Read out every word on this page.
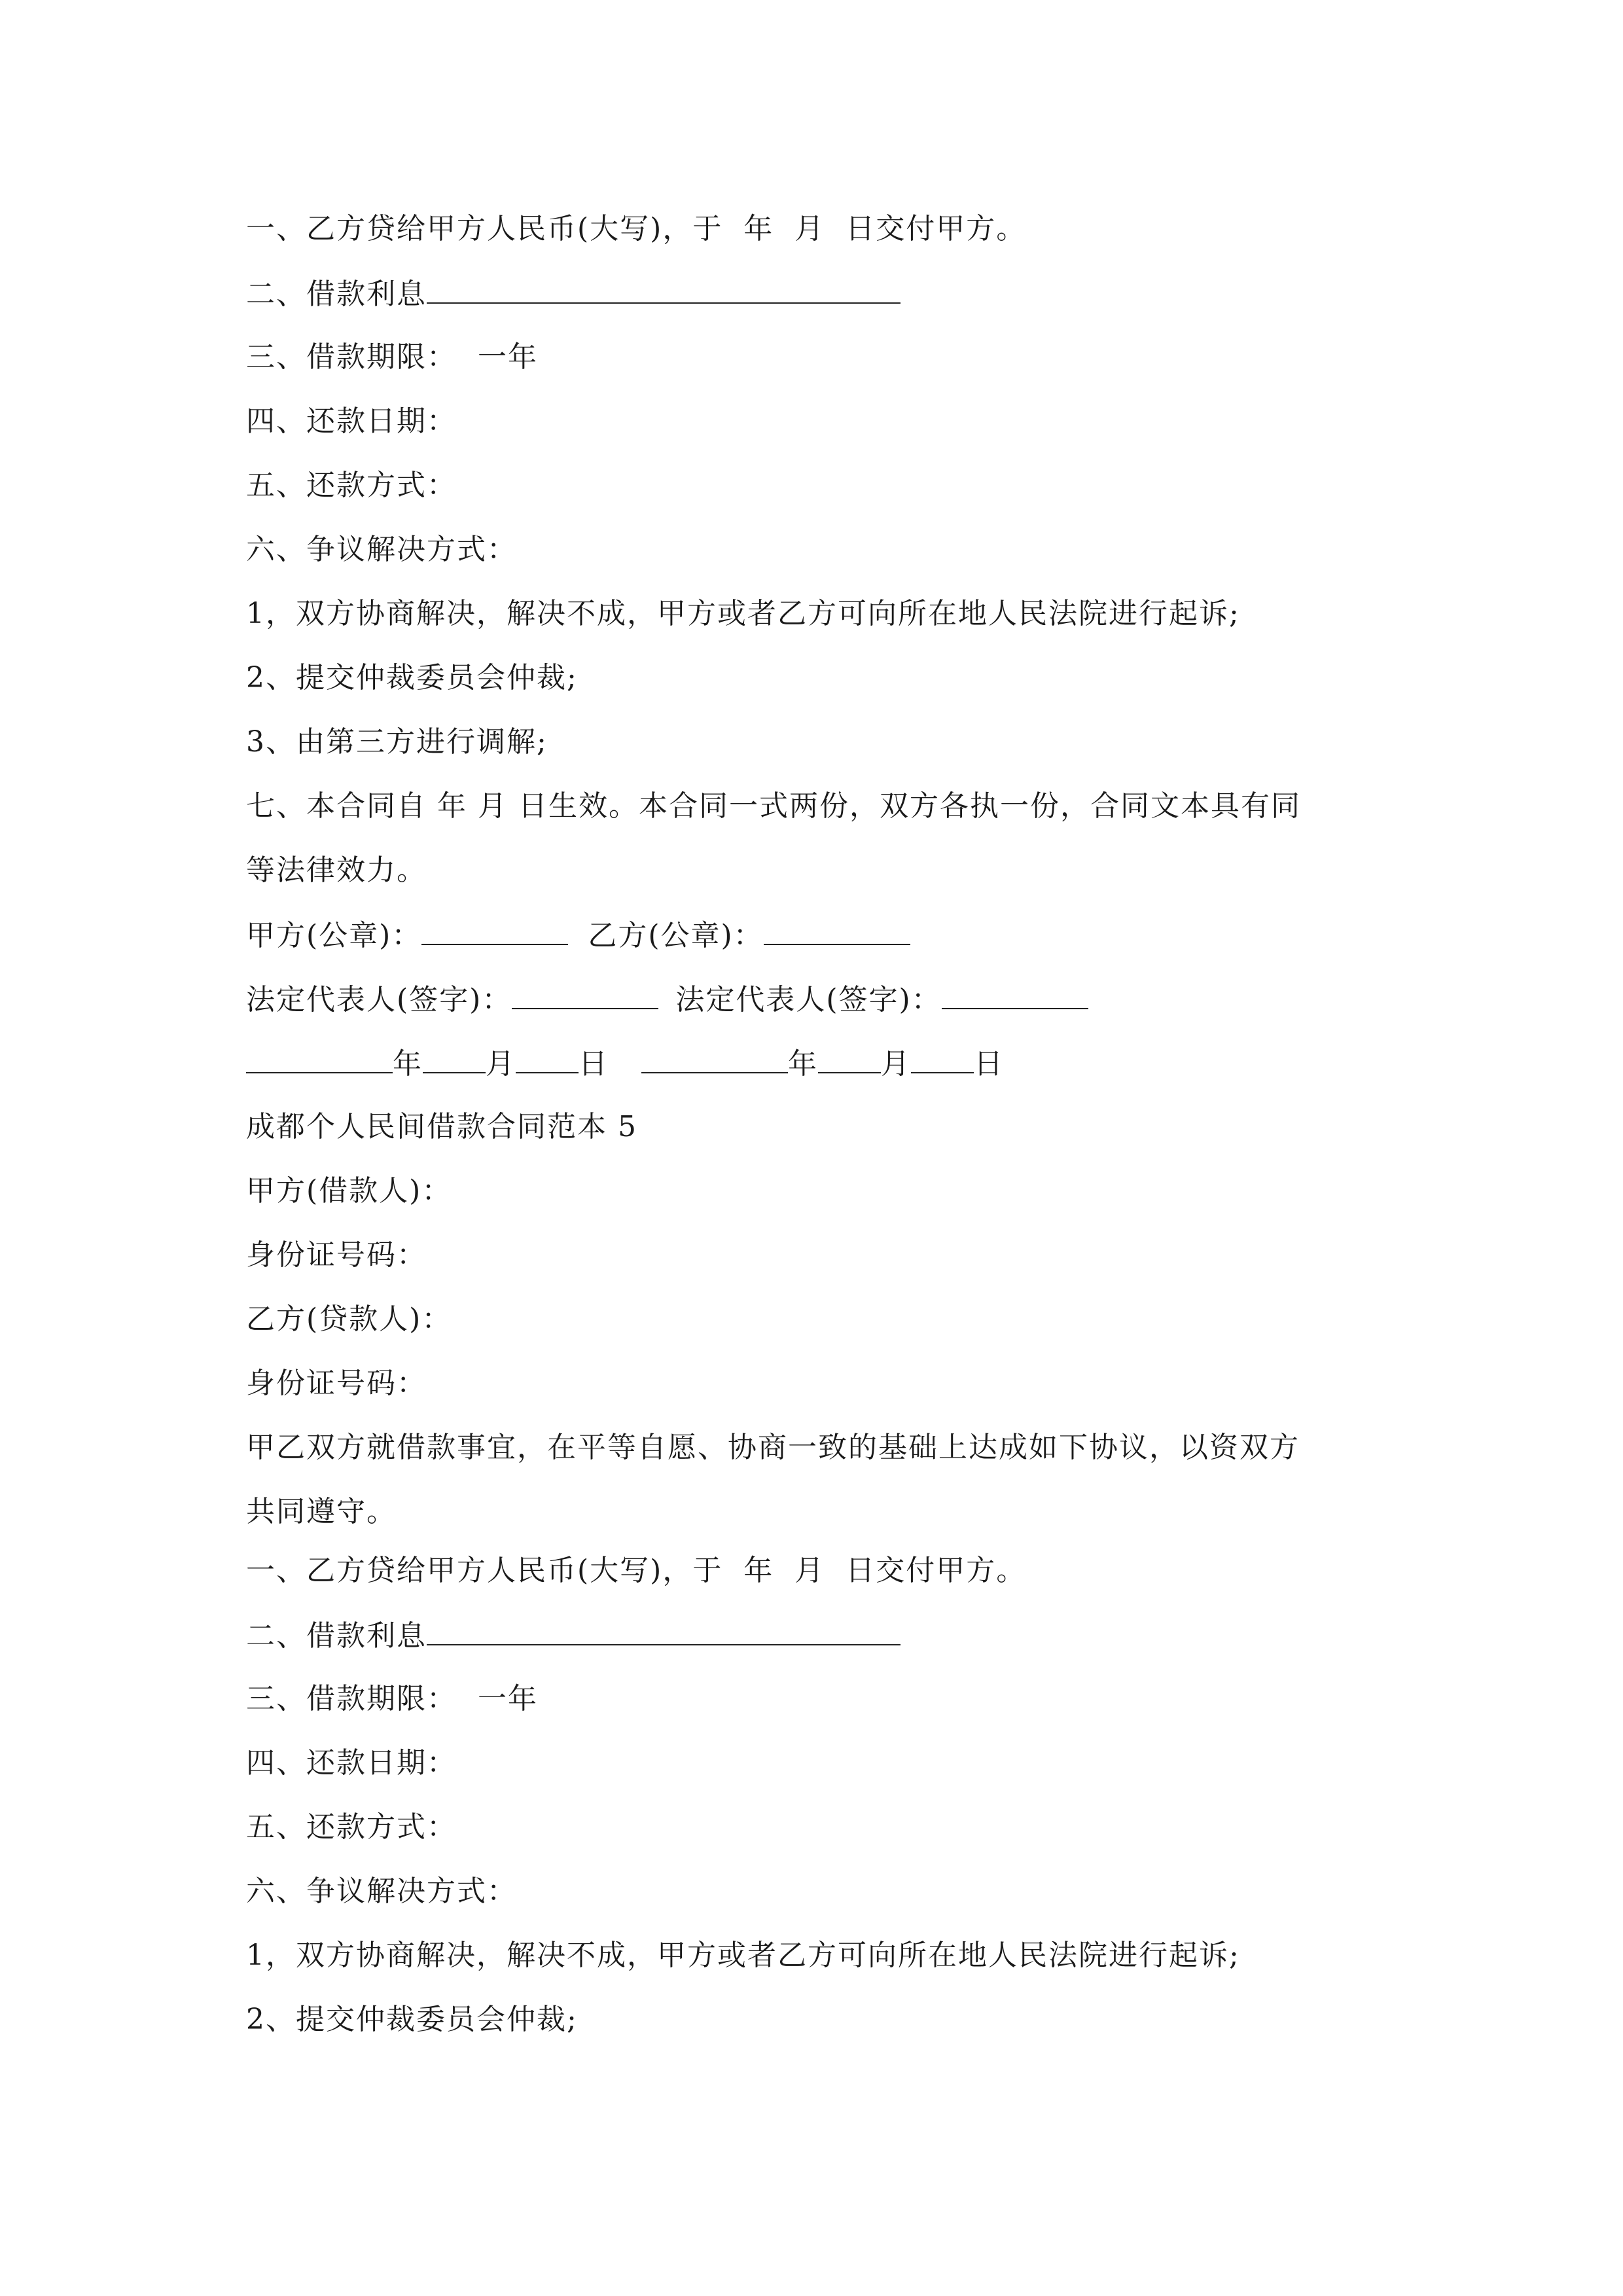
一、乙方贷给甲方人民币(大写)，于  年  月  日交付甲方。
二、借款利息
三、借款期限：  一年
四、还款日期：
五、还款方式：
六、争议解决方式：
1，双方协商解决，解决不成，甲方或者乙方可向所在地人民法院进行起诉;
2、提交仲裁委员会仲裁;
3、由第三方进行调解;
七、本合同自 年 月 日生效。本合同一式两份，双方各执一份，合同文本具有同
等法律效力。
甲方(公章)：	乙方(公章)：
法定代表人(签字)：	法定代表人(签字)：
年 月 日	年 月 日
成都个人民间借款合同范本 5
甲方(借款人)：
身份证号码：
乙方(贷款人)：
身份证号码：
甲乙双方就借款事宜，在平等自愿、协商一致的基础上达成如下协议，以资双方
共同遵守。
一、乙方贷给甲方人民币(大写)，于  年  月  日交付甲方。
二、借款利息
三、借款期限：  一年
四、还款日期：
五、还款方式：
六、争议解决方式：
1，双方协商解决，解决不成，甲方或者乙方可向所在地人民法院进行起诉;
2、提交仲裁委员会仲裁;
